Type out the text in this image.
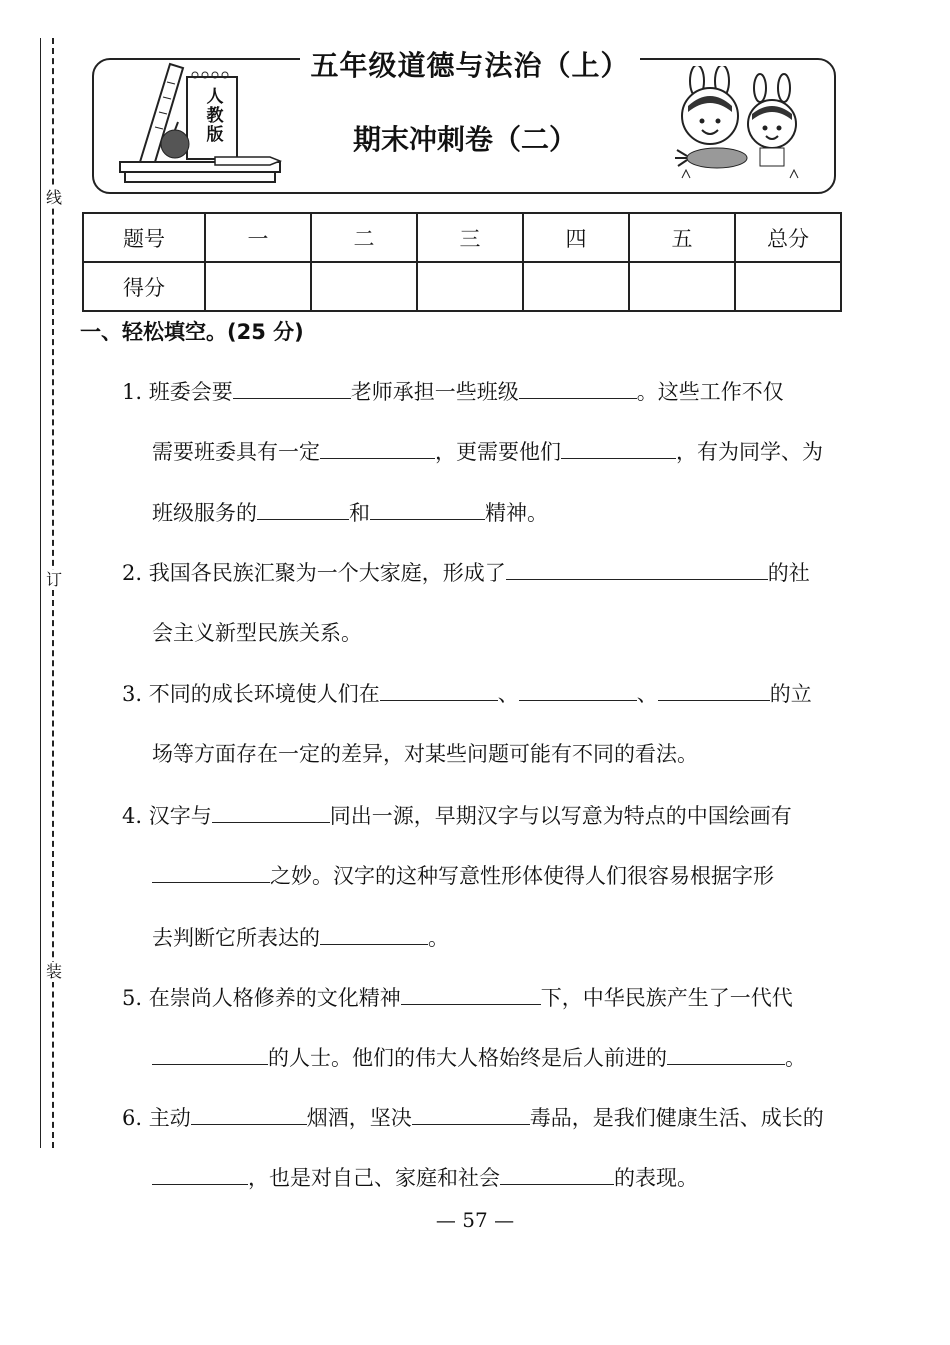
线
订
装
人教版
五年级道德与法治（上）
期末冲刺卷（二）
题号	一	二	三	四	五	总分
得分						
一、轻松填空。(25 分)
1. 班委会要	老师承担一些班级	。这些工作不仅
需要班委具有一定	，更需要他们	，有为同学、为
班级服务的	和	精神。
2. 我国各民族汇聚为一个大家庭，形成了	的社
会主义新型民族关系。
3. 不同的成长环境使人们在	、	、	的立
场等方面存在一定的差异，对某些问题可能有不同的看法。
4. 汉字与	同出一源，早期汉字与以写意为特点的中国绘画有
之妙。汉字的这种写意性形体使得人们很容易根据字形
去判断它所表达的	。
5. 在崇尚人格修养的文化精神	下，中华民族产生了一代代
的人士。他们的伟大人格始终是后人前进的	。
6. 主动	烟酒，坚决	毒品，是我们健康生活、成长的
，也是对自己、家庭和社会	的表现。
— 57 —
